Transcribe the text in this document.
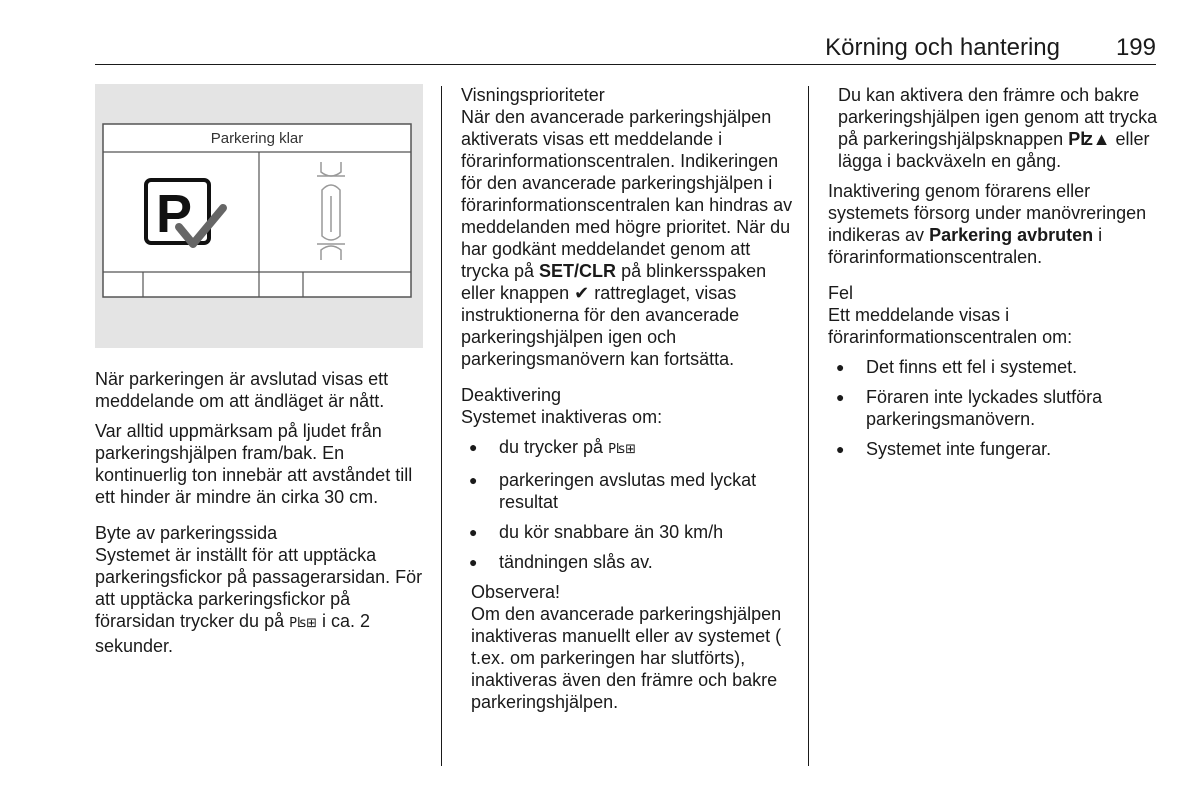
Körning och hantering 199
Parkering klar
P

När parkeringen är avslutad visas ett meddelande om att ändläget är nått.

Var alltid uppmärksam på ljudet från parkeringshjälpen fram/bak. En kontinuerlig ton innebär att avståndet till ett hinder är mindre än cirka 30 cm.

Byte av parkeringssida

Systemet är inställt för att upptäcka parkeringsfickor på passagerarsidan. För att upptäcka parkeringsfickor på förarsidan trycker du på Pʪ⊞ i ca. 2 sekunder.

Visningsprioriteter

När den avancerade parkeringshjälpen aktiverats visas ett meddelande i förarinformationscentralen. Indikeringen för den avancerade parkeringshjälpen i förarinformationscentralen kan hindras av meddelanden med högre prioritet. När du har godkänt meddelandet genom att trycka på SET/CLR på blinkersspaken eller knappen ✔ rattreglaget, visas instruktionerna för den avancerade parkeringshjälpen igen och parkeringsmanövern kan fortsätta.

Deaktivering

Systemet inaktiveras om:

● du trycker på Pʪ⊞
● parkeringen avslutas med lyckat resultat
● du kör snabbare än 30 km/h
● tändningen slås av.
Observera!

Om den avancerade parkeringshjälpen inaktiveras manuellt eller av systemet ( t.ex. om parkeringen har slutförts), inaktiveras även den främre och bakre parkeringshjälpen.

Du kan aktivera den främre och bakre parkeringshjälpen igen genom att trycka på parkeringshjälpsknappen Pʫ▲ eller lägga i backväxeln en gång.

Inaktivering genom förarens eller systemets försorg under manövreringen indikeras av Parkering avbruten i förarinformationscentralen.

Fel

Ett meddelande visas i förarinformationscentralen om:

● Det finns ett fel i systemet.
● Föraren inte lyckades slutföra parkeringsmanövern.
● Systemet inte fungerar.
